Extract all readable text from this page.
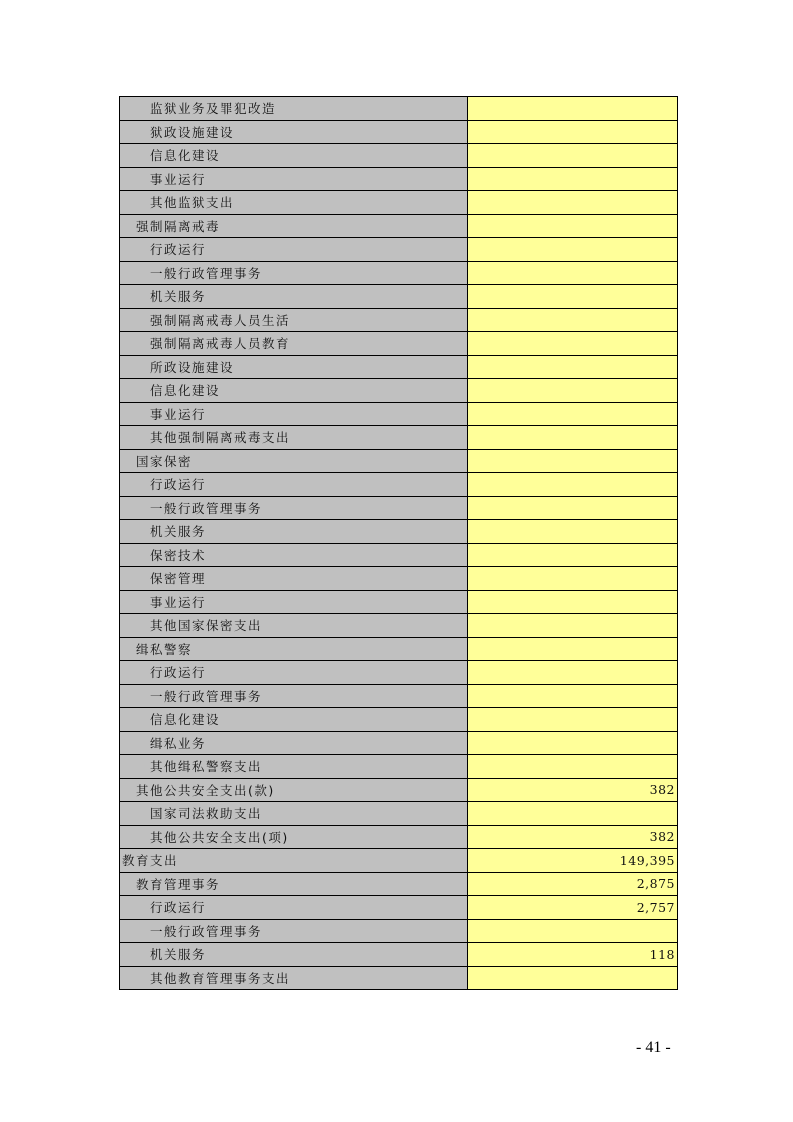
监狱业务及罪犯改造	
狱政设施建设	
信息化建设	
事业运行	
其他监狱支出	
强制隔离戒毒	
行政运行	
一般行政管理事务	
机关服务	
强制隔离戒毒人员生活	
强制隔离戒毒人员教育	
所政设施建设	
信息化建设	
事业运行	
其他强制隔离戒毒支出	
国家保密	
行政运行	
一般行政管理事务	
机关服务	
保密技术	
保密管理	
事业运行	
其他国家保密支出	
缉私警察	
行政运行	
一般行政管理事务	
信息化建设	
缉私业务	
其他缉私警察支出	
其他公共安全支出(款)	382
国家司法救助支出	
其他公共安全支出(项)	382
教育支出	149,395
教育管理事务	2,875
行政运行	2,757
一般行政管理事务	
机关服务	118
其他教育管理事务支出	
- 41 -
